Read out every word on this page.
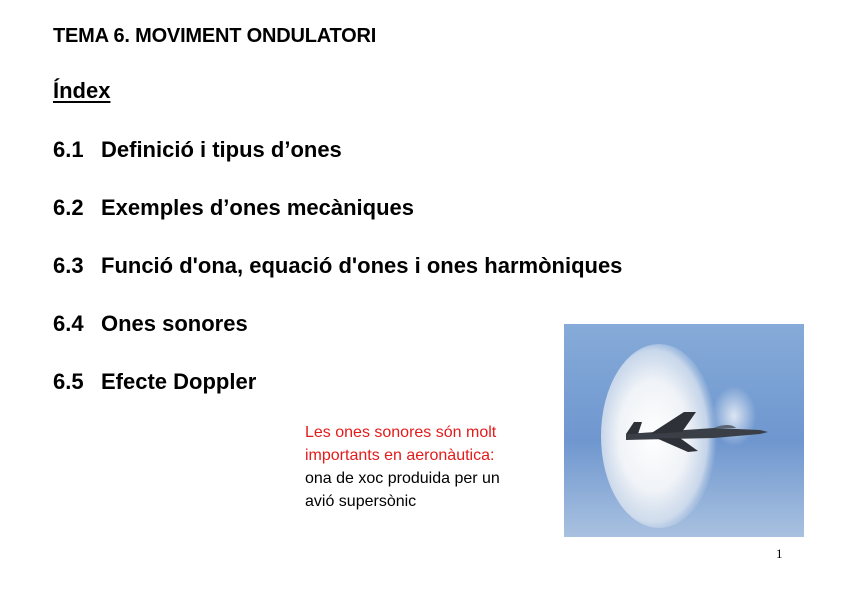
TEMA 6. MOVIMENT ONDULATORI
Índex
6.1 Definició i tipus d’ones
6.2 Exemples d’ones mecàniques
6.3 Funció d'ona, equació d'ones i ones harmòniques
6.4 Ones sonores
6.5 Efecte Doppler
Les ones sonores són molt
importants en aeronàutica:
ona de xoc produida per un
avió supersònic
1
